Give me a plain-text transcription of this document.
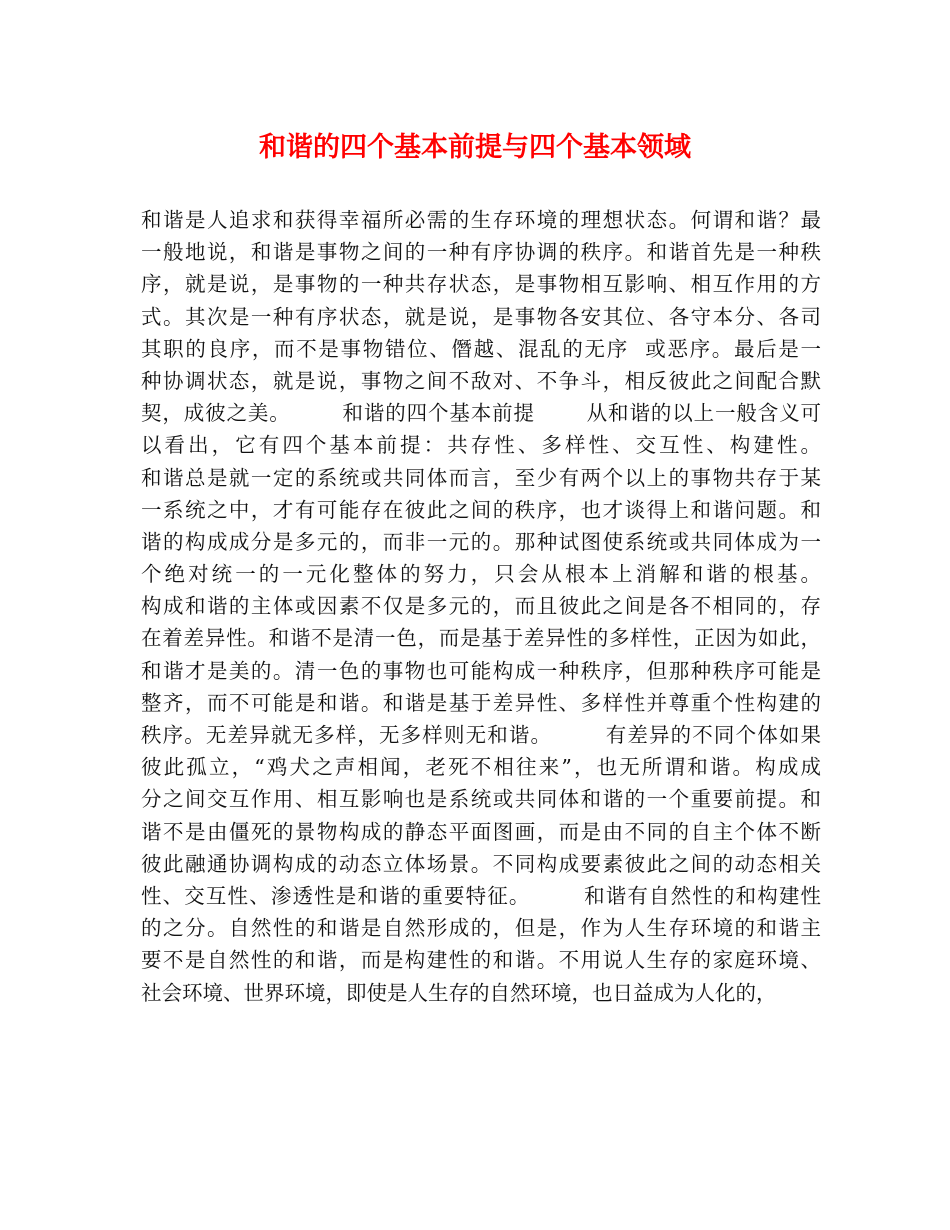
和谐的四个基本前提与四个基本领域
和谐是人追求和获得幸福所必需的生存环境的理想状态。何谓和谐？最
一般地说，和谐是事物之间的一种有序协调的秩序。和谐首先是一种秩
序，就是说，是事物的一种共存状态，是事物相互影响、相互作用的方
式。其次是一种有序状态，就是说，是事物各安其位、各守本分、各司
其职的良序，而不是事物错位、僭越、混乱的无序  或恶序。最后是一
种协调状态，就是说，事物之间不敌对、不争斗，相反彼此之间配合默
契，成彼之美。       和谐的四个基本前提       从和谐的以上一般含义可
以看出，它有四个基本前提：共存性、多样性、交互性、构建性。
和谐总是就一定的系统或共同体而言，至少有两个以上的事物共存于某
一系统之中，才有可能存在彼此之间的秩序，也才谈得上和谐问题。和
谐的构成成分是多元的，而非一元的。那种试图使系统或共同体成为一
个绝对统一的一元化整体的努力，只会从根本上消解和谐的根基。
构成和谐的主体或因素不仅是多元的，而且彼此之间是各不相同的，存
在着差异性。和谐不是清一色，而是基于差异性的多样性，正因为如此，
和谐才是美的。清一色的事物也可能构成一种秩序，但那种秩序可能是
整齐，而不可能是和谐。和谐是基于差异性、多样性并尊重个性构建的
秩序。无差异就无多样，无多样则无和谐。       有差异的不同个体如果
彼此孤立，“鸡犬之声相闻，老死不相往来”，也无所谓和谐。构成成
分之间交互作用、相互影响也是系统或共同体和谐的一个重要前提。和
谐不是由僵死的景物构成的静态平面图画，而是由不同的自主个体不断
彼此融通协调构成的动态立体场景。不同构成要素彼此之间的动态相关
性、交互性、渗透性是和谐的重要特征。       和谐有自然性的和构建性
的之分。自然性的和谐是自然形成的，但是，作为人生存环境的和谐主
要不是自然性的和谐，而是构建性的和谐。不用说人生存的家庭环境、
社会环境、世界环境，即使是人生存的自然环境，也日益成为人化的，
